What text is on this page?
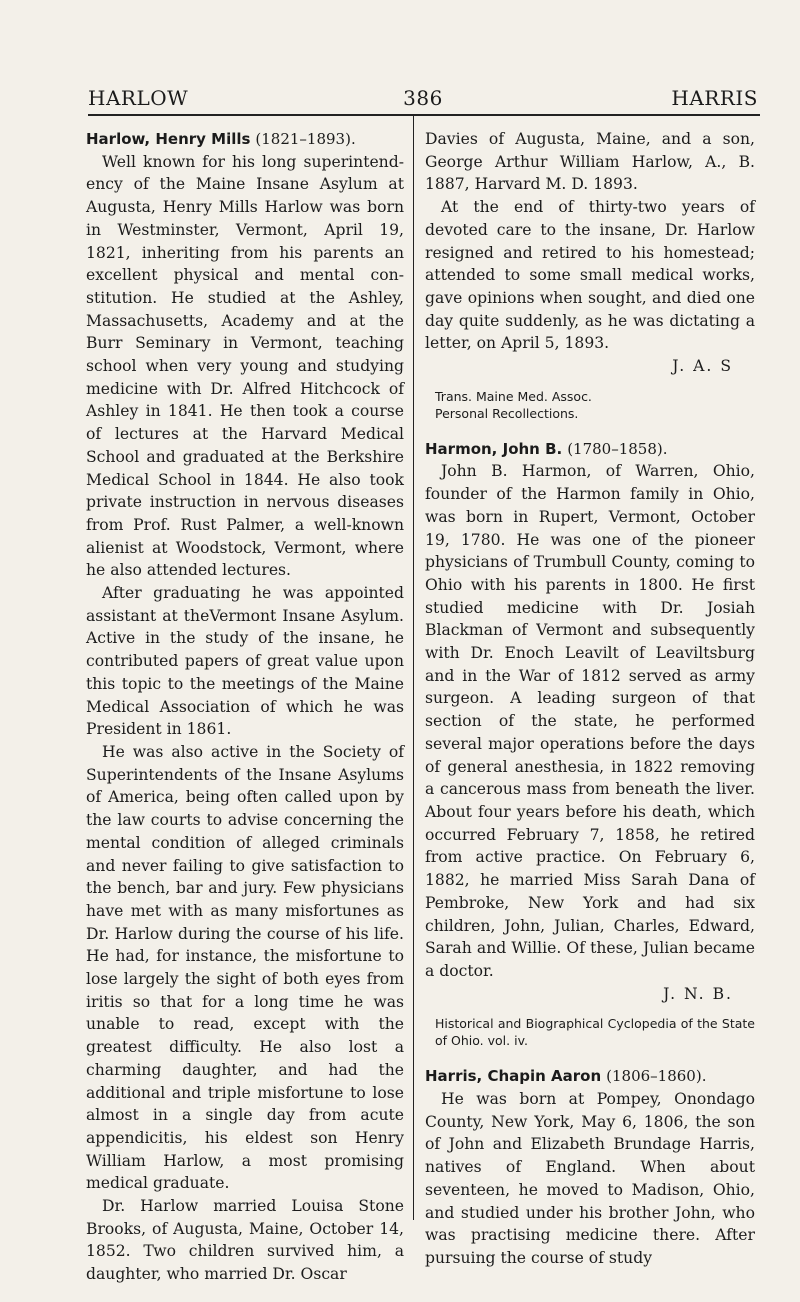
HARLOW	386	HARRIS

Harlow, Henry Mills (1821–1893).

Well known for his long superintendency of the Maine Insane Asylum at Augusta, Henry Mills Harlow was born in Westminster, Vermont, April 19, 1821, inheriting from his parents an excellent physical and mental constitution. He studied at the Ashley, Massachusetts, Academy and at the Burr Seminary in Vermont, teaching school when very young and studying medicine with Dr. Alfred Hitchcock of Ashley in 1841. He then took a course of lectures at the Harvard Medical School and graduated at the Berkshire Medical School in 1844. He also took private instruction in nervous diseases from Prof. Rust Palmer, a well-known alienist at Woodstock, Vermont, where he also attended lectures.

After graduating he was appointed assistant at theVermont Insane Asylum. Active in the study of the insane, he contributed papers of great value upon this topic to the meetings of the Maine Medical Association of which he was President in 1861.

He was also active in the Society of Superintendents of the Insane Asylums of America, being often called upon by the law courts to advise concerning the mental condition of alleged criminals and never failing to give satisfaction to the bench, bar and jury. Few physicians have met with as many misfortunes as Dr. Harlow during the course of his life. He had, for instance, the misfortune to lose largely the sight of both eyes from iritis so that for a long time he was unable to read, except with the greatest difficulty. He also lost a charming daughter, and had the additional and triple misfortune to lose almost in a single day from acute appendicitis, his eldest son Henry William Harlow, a most promising medical graduate.

Dr. Harlow married Louisa Stone Brooks, of Augusta, Maine, October 14, 1852. Two children survived him, a daughter, who married Dr. Oscar

Davies of Augusta, Maine, and a son, George Arthur William Harlow, A., B. 1887, Harvard M. D. 1893.

At the end of thirty-two years of devoted care to the insane, Dr. Harlow resigned and retired to his homestead; attended to some small medical works, gave opinions when sought, and died one day quite suddenly, as he was dictating a letter, on April 5, 1893.

J. A. S

Trans. Maine Med. Assoc.
Personal Recollections.

Harmon, John B. (1780–1858).

John B. Harmon, of Warren, Ohio, founder of the Harmon family in Ohio, was born in Rupert, Vermont, October 19, 1780. He was one of the pioneer physicians of Trumbull County, coming to Ohio with his parents in 1800. He first studied medicine with Dr. Josiah Blackman of Vermont and subsequently with Dr. Enoch Leavilt of Leaviltsburg and in the War of 1812 served as army surgeon. A leading surgeon of that section of the state, he performed several major operations before the days of general anesthesia, in 1822 removing a cancerous mass from beneath the liver. About four years before his death, which occurred February 7, 1858, he retired from active practice. On February 6, 1882, he married Miss Sarah Dana of Pembroke, New York and had six children, John, Julian, Charles, Edward, Sarah and Willie. Of these, Julian became a doctor.

J. N. B.

Historical and Biographical Cyclopedia of the State of Ohio. vol. iv.

Harris, Chapin Aaron (1806–1860).

He was born at Pompey, Onondago County, New York, May 6, 1806, the son of John and Elizabeth Brundage Harris, natives of England. When about seventeen, he moved to Madison, Ohio, and studied under his brother John, who was practising medicine there. After pursuing the course of study
